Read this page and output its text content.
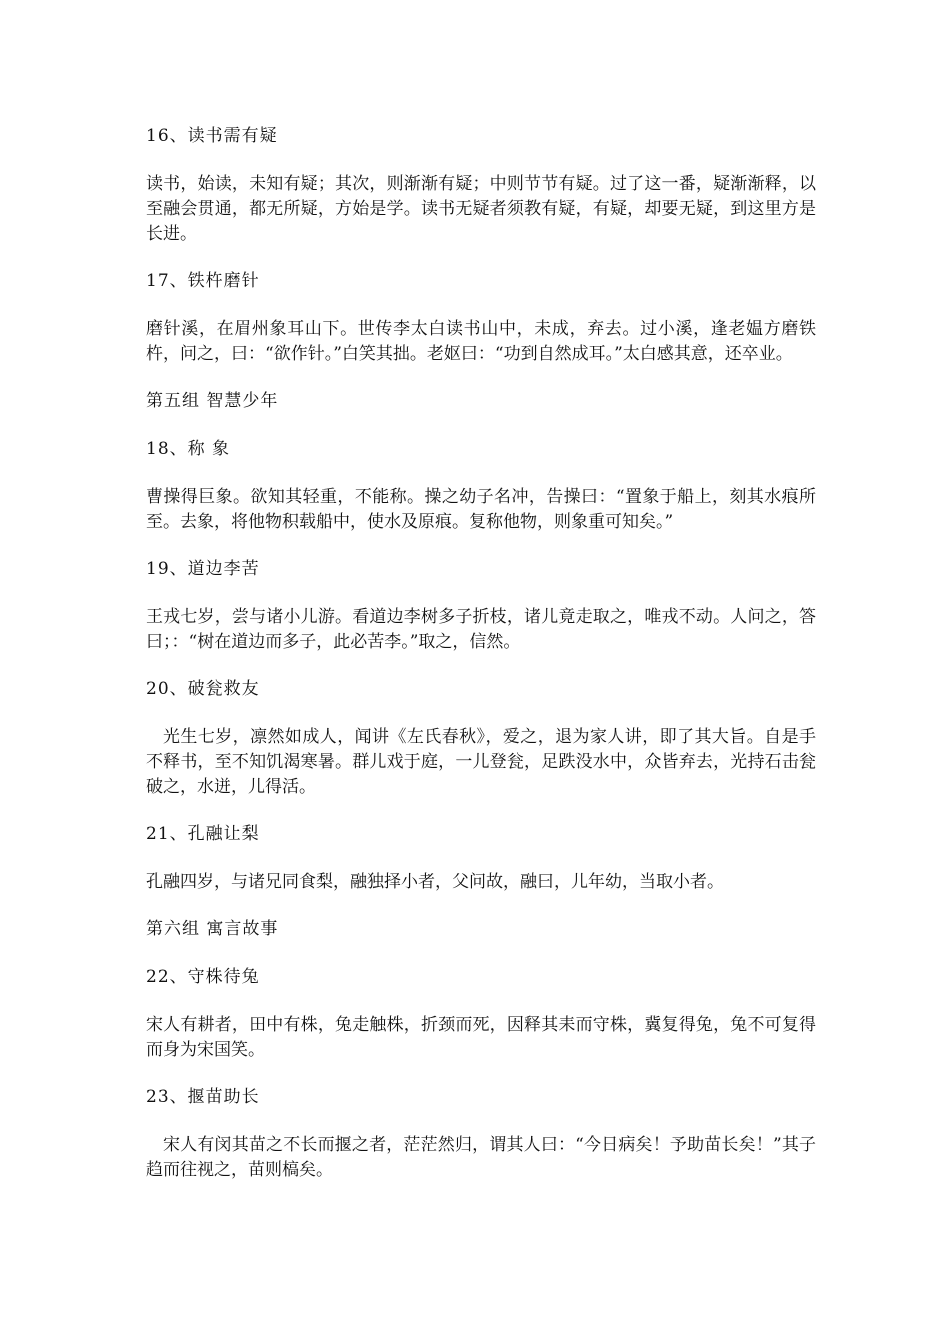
16、读书需有疑

读书，始读，未知有疑；其次，则渐渐有疑；中则节节有疑。过了这一番，疑渐渐释，以至融会贯通，都无所疑，方始是学。读书无疑者须教有疑，有疑，却要无疑，到这里方是长进。

17、铁杵磨针

磨针溪，在眉州象耳山下。世传李太白读书山中，未成，弃去。过小溪，逢老媪方磨铁杵，问之，曰：“欲作针。”白笑其拙。老妪曰：“功到自然成耳。”太白感其意，还卒业。

第五组 智慧少年

18、称 象

曹操得巨象。欲知其轻重，不能称。操之幼子名冲，告操曰：“置象于船上，刻其水痕所至。去象，将他物积载船中，使水及原痕。复称他物，则象重可知矣。”

19、道边李苦

王戎七岁，尝与诸小儿游。看道边李树多子折枝，诸儿竟走取之，唯戎不动。人问之，答曰；：“树在道边而多子，此必苦李。”取之，信然。

20、破瓮救友

光生七岁，凛然如成人，闻讲《左氏春秋》，爱之，退为家人讲，即了其大旨。自是手不释书，至不知饥渴寒暑。群儿戏于庭，一儿登瓮，足跌没水中，众皆弃去，光持石击瓮破之，水迸，儿得活。

21、孔融让梨

孔融四岁，与诸兄同食梨，融独择小者，父问故，融曰，儿年幼，当取小者。

第六组 寓言故事

22、守株待兔

宋人有耕者，田中有株，兔走触株，折颈而死，因释其耒而守株，冀复得兔，兔不可复得而身为宋国笑。

23、揠苗助长

宋人有闵其苗之不长而揠之者，茫茫然归，谓其人曰：“今日病矣！予助苗长矣！”其子趋而往视之，苗则槁矣。
